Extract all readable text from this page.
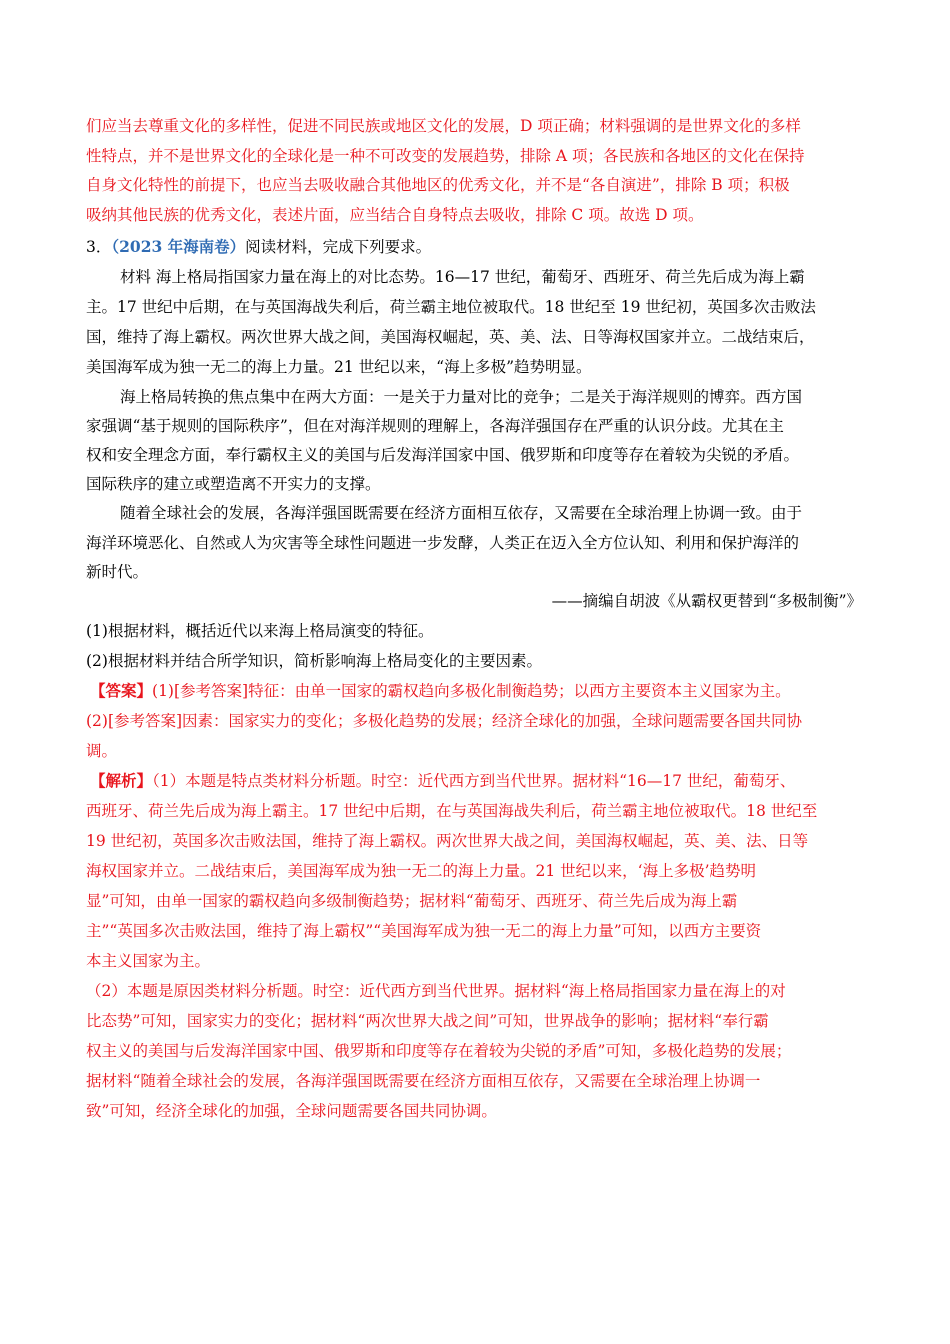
们应当去尊重文化的多样性，促进不同民族或地区文化的发展，D 项正确；材料强调的是世界文化的多样
性特点，并不是世界文化的全球化是一种不可改变的发展趋势，排除 A 项；各民族和各地区的文化在保持
自身文化特性的前提下，也应当去吸收融合其他地区的优秀文化，并不是“各自演进”，排除 B 项；积极
吸纳其他民族的优秀文化，表述片面，应当结合自身特点去吸收，排除 C 项。故选 D 项。
3．（2023 年海南卷）阅读材料，完成下列要求。
材料 海上格局指国家力量在海上的对比态势。16—17 世纪，葡萄牙、西班牙、荷兰先后成为海上霸
主。17 世纪中后期，在与英国海战失利后，荷兰霸主地位被取代。18 世纪至 19 世纪初，英国多次击败法
国，维持了海上霸权。两次世界大战之间，美国海权崛起，英、美、法、日等海权国家并立。二战结束后，
美国海军成为独一无二的海上力量。21 世纪以来，“海上多极”趋势明显。
海上格局转换的焦点集中在两大方面：一是关于力量对比的竞争；二是关于海洋规则的博弈。西方国
家强调“基于规则的国际秩序”，但在对海洋规则的理解上，各海洋强国存在严重的认识分歧。尤其在主
权和安全理念方面，奉行霸权主义的美国与后发海洋国家中国、俄罗斯和印度等存在着较为尖锐的矛盾。
国际秩序的建立或塑造离不开实力的支撑。
随着全球社会的发展，各海洋强国既需要在经济方面相互依存，又需要在全球治理上协调一致。由于
海洋环境恶化、自然或人为灾害等全球性问题进一步发酵，人类正在迈入全方位认知、利用和保护海洋的
新时代。
——摘编自胡波《从霸权更替到“多极制衡”》
(1)根据材料，概括近代以来海上格局演变的特征。
(2)根据材料并结合所学知识，简析影响海上格局变化的主要因素。
【答案】(1)[参考答案]特征：由单一国家的霸权趋向多极化制衡趋势；以西方主要资本主义国家为主。
(2)[参考答案]因素：国家实力的变化；多极化趋势的发展；经济全球化的加强，全球问题需要各国共同协
调。
【解析】（1）本题是特点类材料分析题。时空：近代西方到当代世界。据材料“16—17 世纪，葡萄牙、
西班牙、荷兰先后成为海上霸主。17 世纪中后期，在与英国海战失利后，荷兰霸主地位被取代。18 世纪至
19 世纪初，英国多次击败法国，维持了海上霸权。两次世界大战之间，美国海权崛起，英、美、法、日等
海权国家并立。二战结束后，美国海军成为独一无二的海上力量。21 世纪以来，‘海上多极’趋势明
显”可知，由单一国家的霸权趋向多级制衡趋势；据材料“葡萄牙、西班牙、荷兰先后成为海上霸
主”“英国多次击败法国，维持了海上霸权”“美国海军成为独一无二的海上力量”可知，以西方主要资
本主义国家为主。
（2）本题是原因类材料分析题。时空：近代西方到当代世界。据材料“海上格局指国家力量在海上的对
比态势”可知，国家实力的变化；据材料“两次世界大战之间”可知，世界战争的影响；据材料“奉行霸
权主义的美国与后发海洋国家中国、俄罗斯和印度等存在着较为尖锐的矛盾”可知，多极化趋势的发展；
据材料“随着全球社会的发展，各海洋强国既需要在经济方面相互依存，又需要在全球治理上协调一
致”可知，经济全球化的加强，全球问题需要各国共同协调。
